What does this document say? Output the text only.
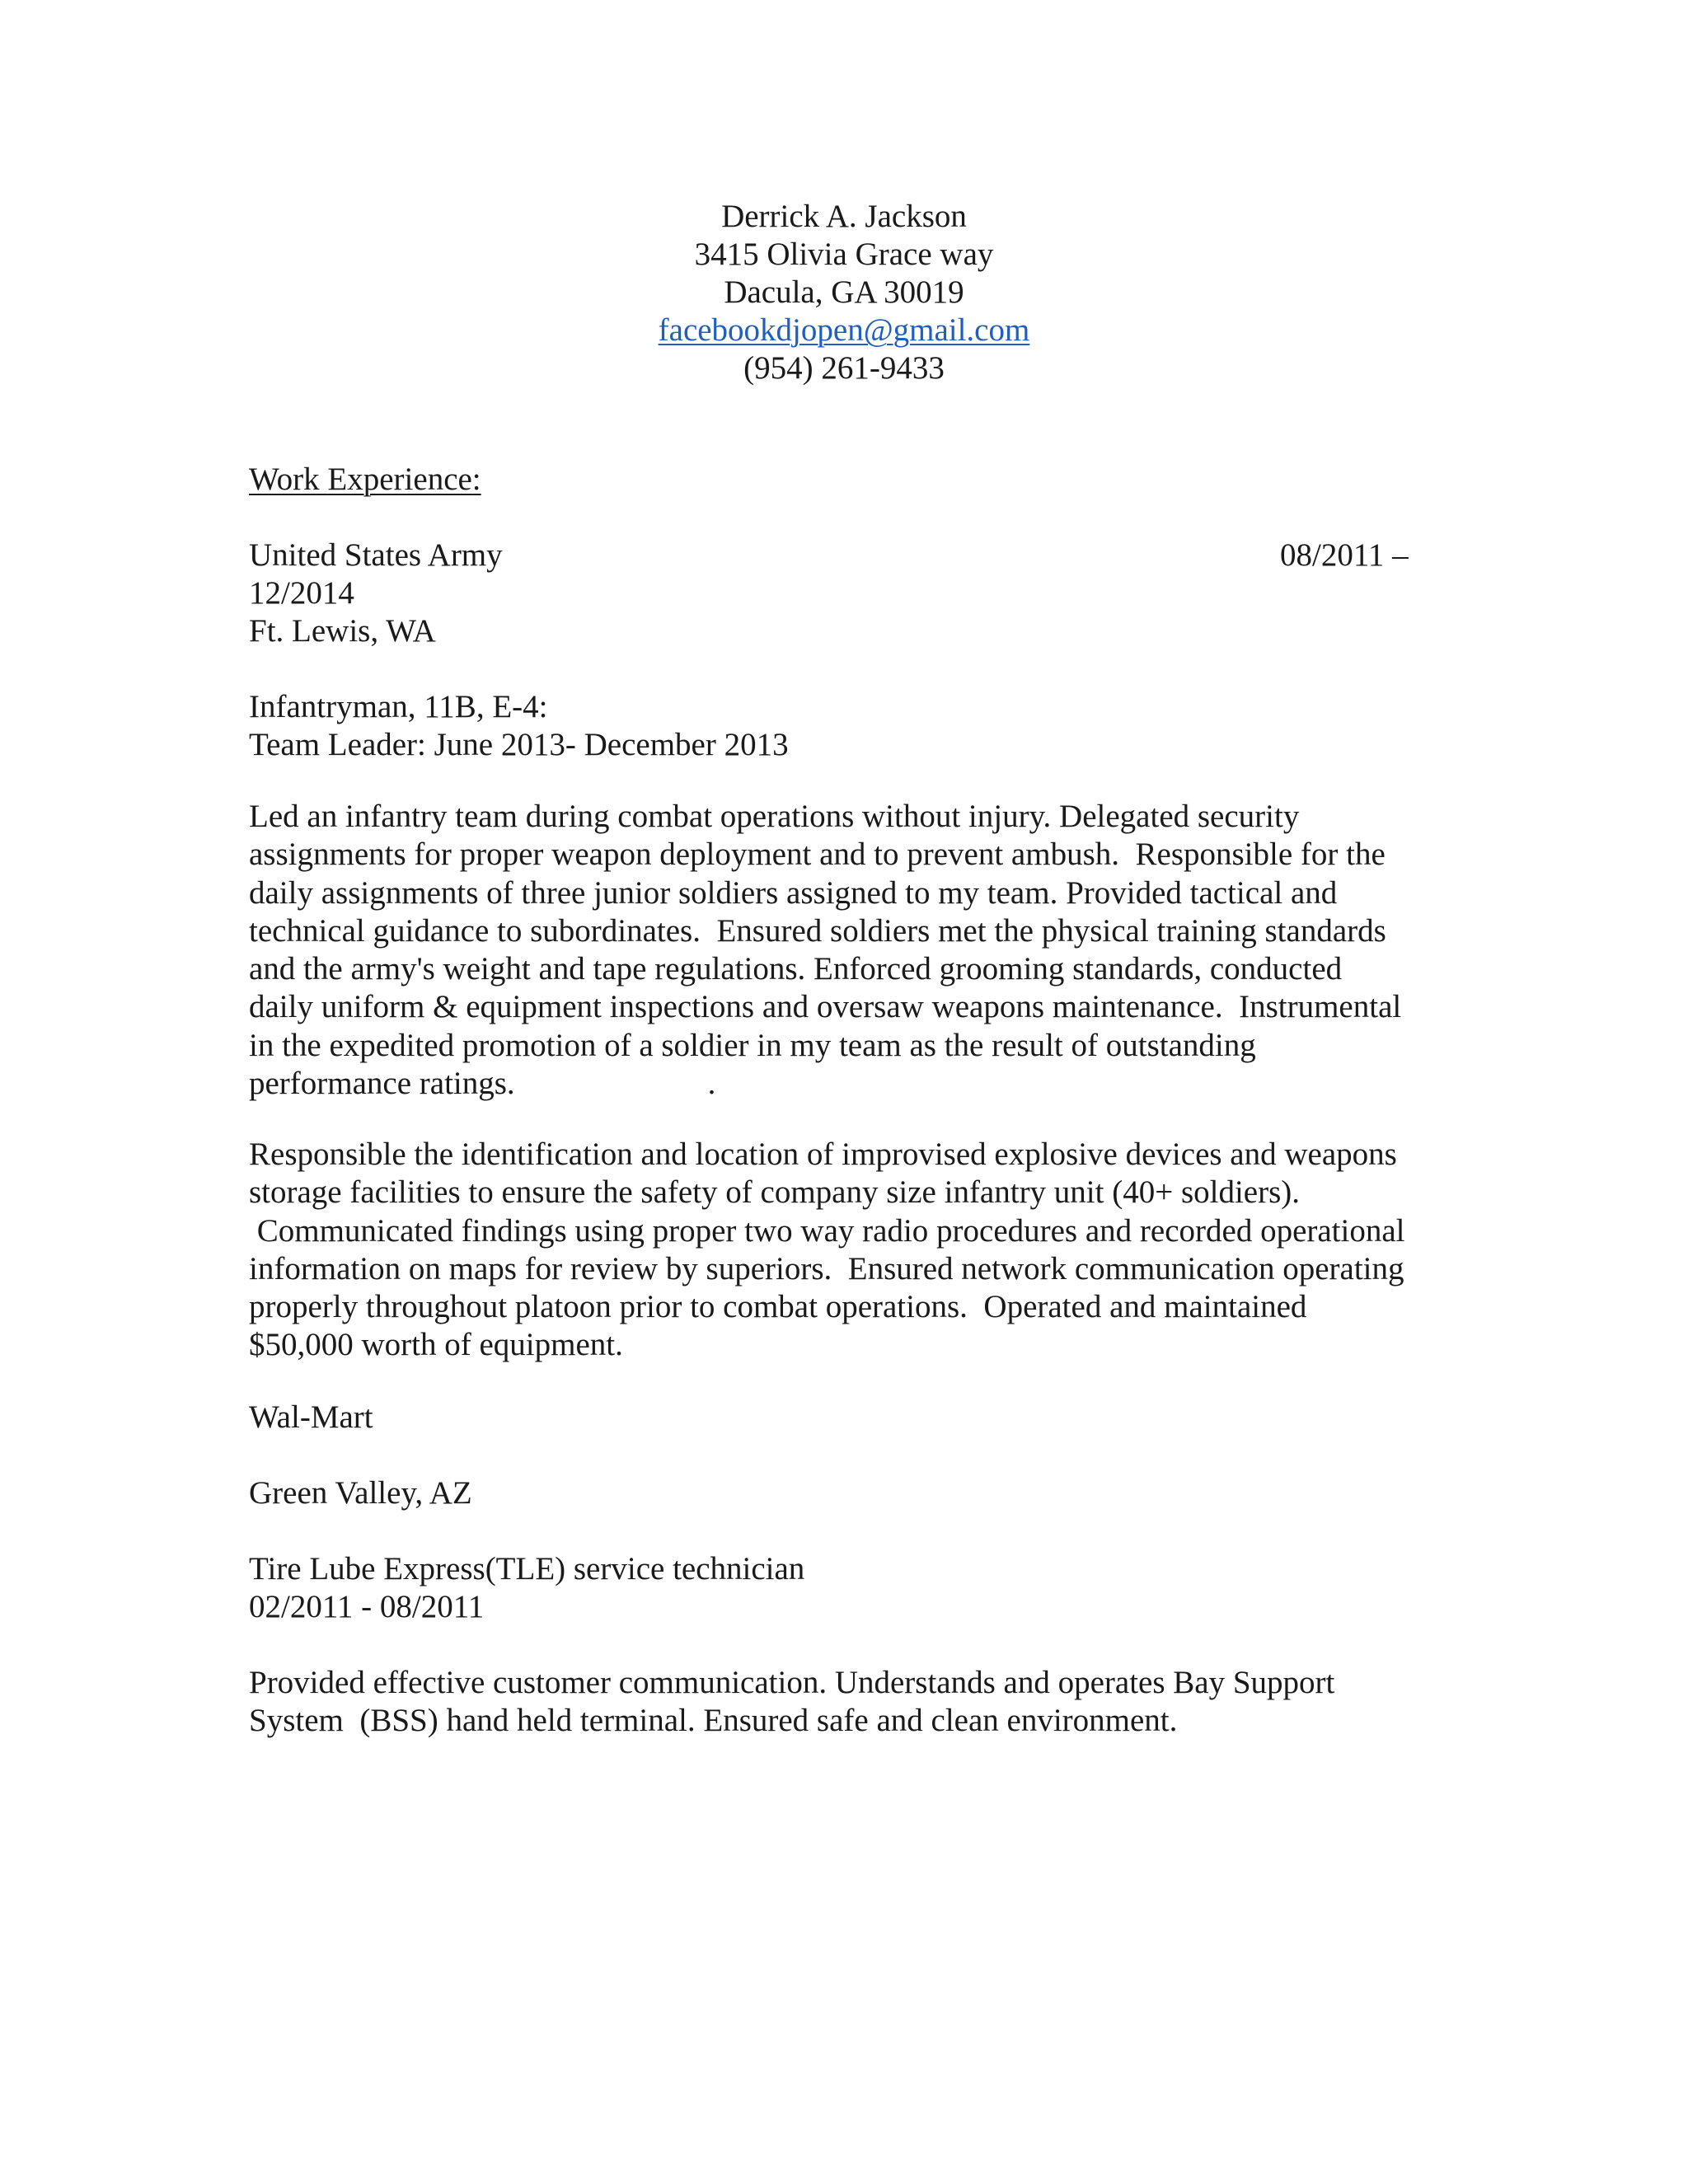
Derrick A. Jackson
3415 Olivia Grace way
Dacula, GA 30019
facebookdjopen@gmail.com
(954) 261-9433
Work Experience:
United States Army	08/2011 –
12/2014
Ft. Lewis, WA
Infantryman, 11B, E-4:
Team Leader: June 2013- December 2013
Led an infantry team during combat operations without injury. Delegated security
assignments for proper weapon deployment and to prevent ambush.  Responsible for the
daily assignments of three junior soldiers assigned to my team. Provided tactical and
technical guidance to subordinates.  Ensured soldiers met the physical training standards
and the army's weight and tape regulations. Enforced grooming standards, conducted
daily uniform & equipment inspections and oversaw weapons maintenance.  Instrumental
in the expedited promotion of a soldier in my team as the result of outstanding
performance ratings.                        .
Responsible the identification and location of improvised explosive devices and weapons
storage facilities to ensure the safety of company size infantry unit (40+ soldiers).
Communicated findings using proper two way radio procedures and recorded operational
information on maps for review by superiors.  Ensured network communication operating
properly throughout platoon prior to combat operations.  Operated and maintained
$50,000 worth of equipment.
Wal-Mart
Green Valley, AZ
Tire Lube Express(TLE) service technician
02/2011 - 08/2011
Provided effective customer communication. Understands and operates Bay Support
System  (BSS) hand held terminal. Ensured safe and clean environment.
